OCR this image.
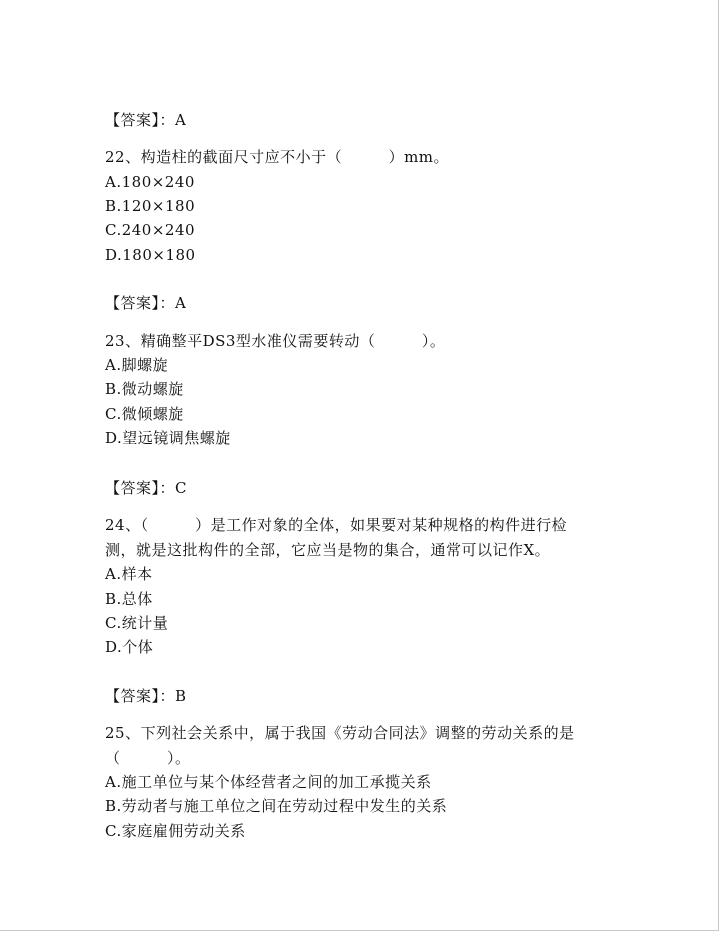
【答案】：A
22、构造柱的截面尺寸应不小于（　　　）mm。
A.180×240
B.120×180
C.240×240
D.180×180
【答案】：A
23、精确整平DS3型水准仪需要转动（　　　）。
A.脚螺旋
B.微动螺旋
C.微倾螺旋
D.望远镜调焦螺旋
【答案】：C
24、（　　　）是工作对象的全体，如果要对某种规格的构件进行检
测，就是这批构件的全部，它应当是物的集合，通常可以记作X。
A.样本
B.总体
C.统计量
D.个体
【答案】：B
25、下列社会关系中，属于我国《劳动合同法》调整的劳动关系的是
（　　　）。
A.施工单位与某个体经营者之间的加工承揽关系
B.劳动者与施工单位之间在劳动过程中发生的关系
C.家庭雇佣劳动关系
